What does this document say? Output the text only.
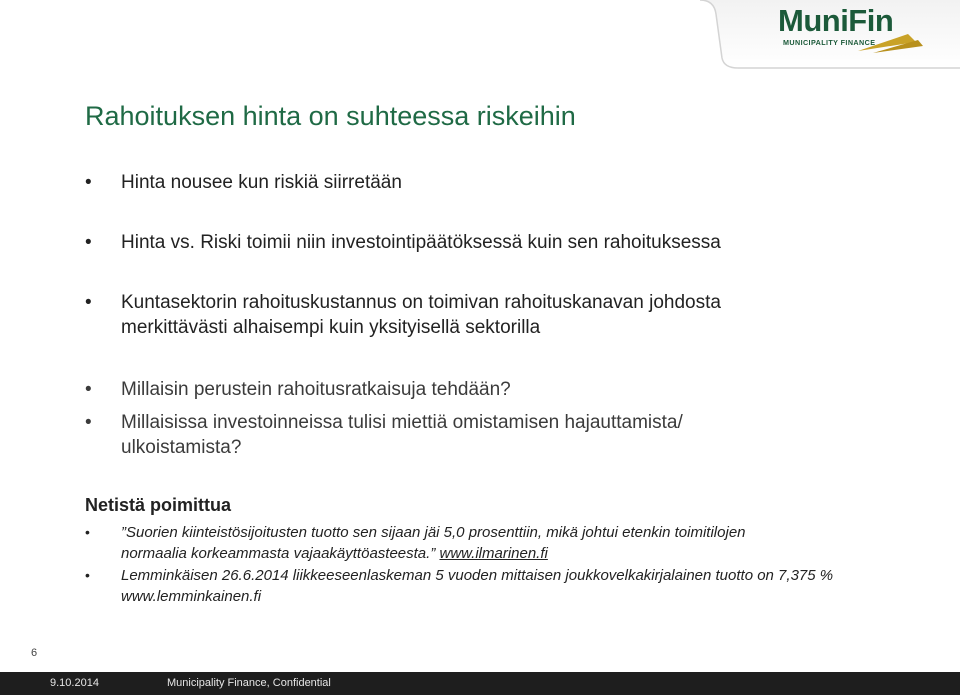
MuniFin
MUNICIPALITY FINANCE
Rahoituksen hinta on suhteessa riskeihin
• Hinta nousee kun riskiä siirretään
• Hinta vs. Riski toimii niin investointipäätöksessä kuin sen rahoituksessa
• Kuntasektorin rahoituskustannus on toimivan rahoituskanavan johdosta merkittävästi alhaisempi kuin yksityisellä sektorilla
• Millaisin perustein rahoitusratkaisuja tehdään?
• Millaisissa investoinneissa tulisi miettiä omistamisen hajauttamista/ ulkoistamista?
Netistä poimittua
• ”Suorien kiinteistösijoitusten tuotto sen sijaan jäi 5,0 prosenttiin, mikä johtui etenkin toimitilojen normaalia korkeammasta vajaakäyttöasteesta.” www.ilmarinen.fi
• Lemminkäisen 26.6.2014 liikkeeseenlaskeman 5 vuoden mittaisen joukkovelkakirjalainen tuotto on 7,375 % www.lemminkainen.fi
6
9.10.2014	Municipality Finance, Confidential
